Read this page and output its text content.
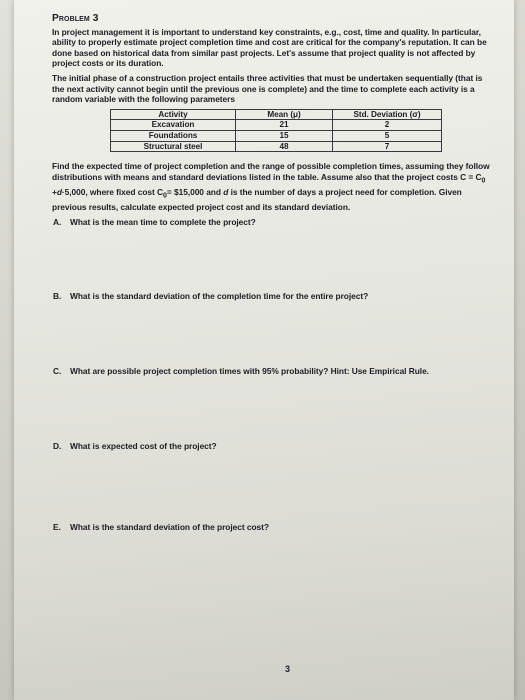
Problem 3

In project management it is important to understand key constraints, e.g., cost, time and quality. In particular, ability to properly estimate project completion time and cost are critical for the company's reputation. It can be done based on historical data from similar past projects. Let's assume that project quality is not affected by project costs or its duration.

The initial phase of a construction project entails three activities that must be undertaken sequentially (that is the next activity cannot begin until the previous one is complete) and the time to complete each activity is a random variable with the following parameters

Activity	Mean (μ)	Std. Deviation (σ)
Excavation	21	2
Foundations	15	5
Structural steel	48	7

Find the expected time of project completion and the range of possible completion times, assuming they follow distributions with means and standard deviations listed in the table. Assume also that the project costs $C = C_0 +d\cdot 5,000$, where fixed cost $C_0=$ $15,000 and d is the number of days a project need for completion. Given previous results, calculate expected project cost and its standard deviation.

A.	What is the mean time to complete the project?
B.	What is the standard deviation of the completion time for the entire project?
C.	What are possible project completion times with 95% probability? Hint: Use Empirical Rule.
D.	What is expected cost of the project?
E.	What is the standard deviation of the project cost?
3
